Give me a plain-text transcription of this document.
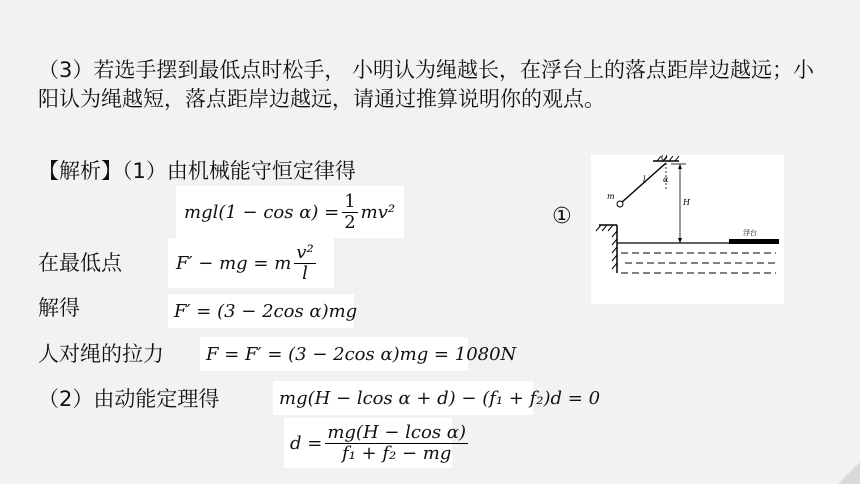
（3）若选手摆到最低点时松手， 小明认为绳越长，在浮台上的落点距岸边越远；小阳认为绳越短，落点距岸边越远，请通过推算说明你的观点。
【解析】（1）由机械能守恒定律得
$mgl(1 - \cos \alpha) = \frac{1}{2} mv^2$
在最低点	F′ − mg = m $\frac{\text{v²}}{l}$
解得	F′ = (3 − 2cos α)mg
人对绳的拉力	F = F′ = (3 − 2cos α)mg = 1080N
（2）由动能定理得	mg(H − lcos α + d) − (f₁ + f₂)d = 0
$d = \frac{\text{mg(H − lcos α)}}{\text{f₁ + f₂ − mg}}$
①
O
m
l α
H
浮台
